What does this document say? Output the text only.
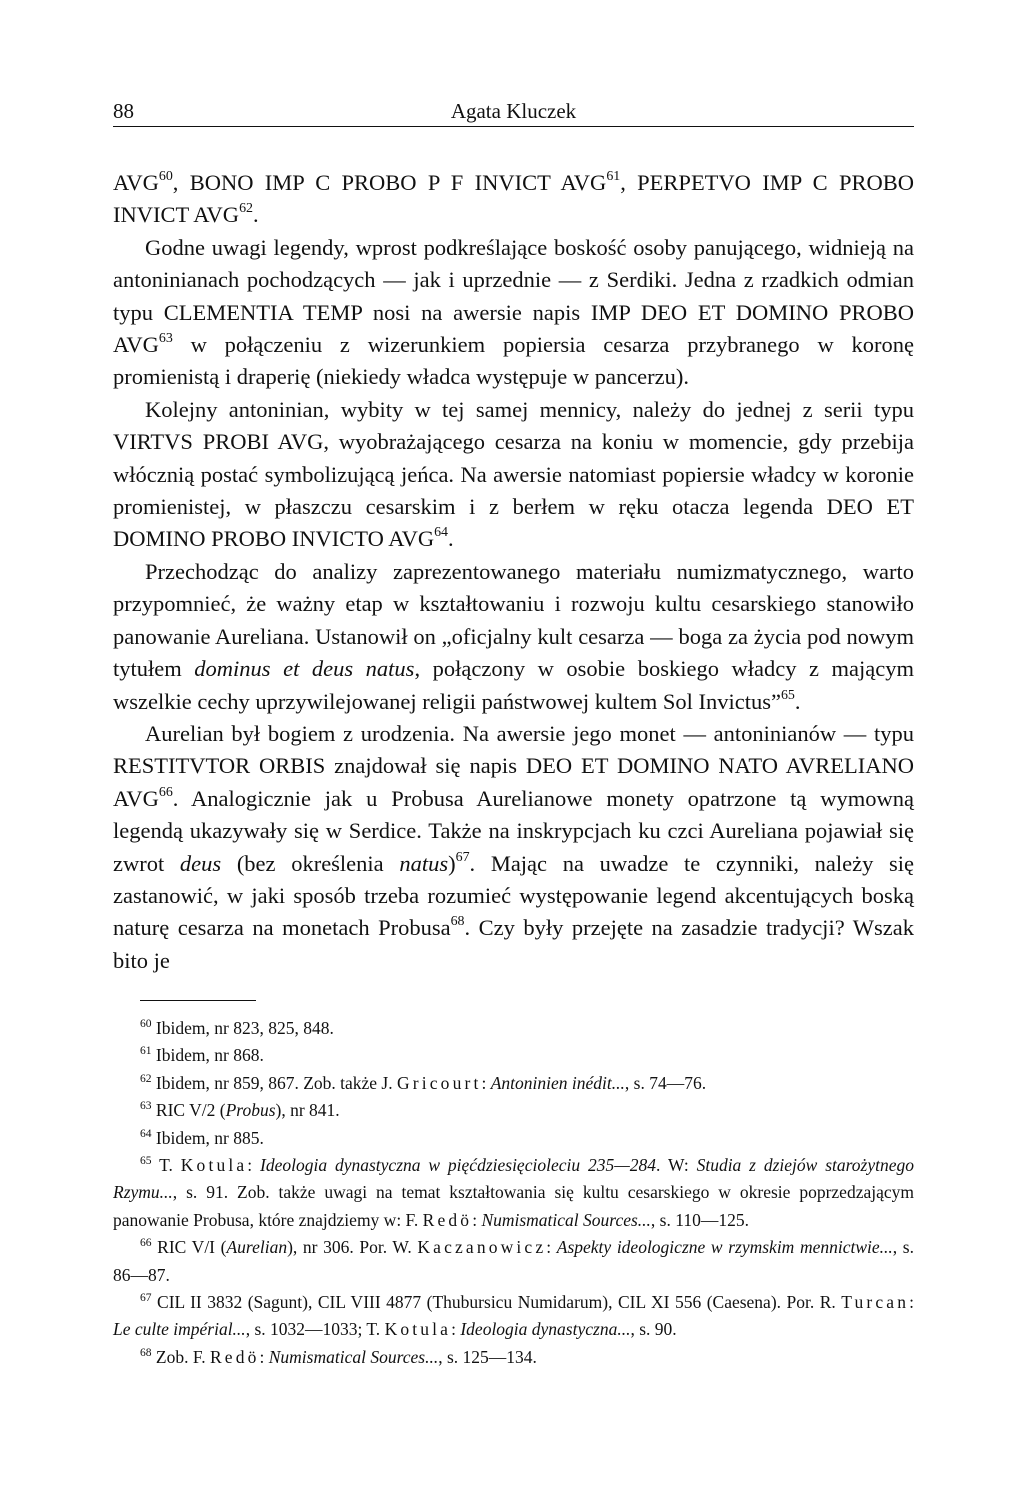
88	Agata Kluczek

AVG$^{60}$, BONO IMP C PROBO P F INVICT AVG$^{61}$, PERPETVO IMP C PROBO INVICT AVG$^{62}$.

Godne uwagi legendy, wprost podkreślające boskość osoby panującego, widnieją na antoninianach pochodzących — jak i uprzednie — z Serdiki. Jedna z rzadkich odmian typu CLEMENTIA TEMP nosi na awersie napis IMP DEO ET DOMINO PROBO AVG$^{63}$ w połączeniu z wizerunkiem popiersia cesarza przybranego w koronę promienistą i draperię (niekiedy władca występuje w pancerzu).

Kolejny antoninian, wybity w tej samej mennicy, należy do jednej z serii typu VIRTVS PROBI AVG, wyobrażającego cesarza na koniu w momencie, gdy przebija włócznią postać symbolizującą jeńca. Na awersie natomiast popiersie władcy w koronie promienistej, w płaszczu cesarskim i z berłem w ręku otacza legenda DEO ET DOMINO PROBO INVICTO AVG$^{64}$.

Przechodząc do analizy zaprezentowanego materiału numizmatycznego, warto przypomnieć, że ważny etap w kształtowaniu i rozwoju kultu cesarskiego stanowiło panowanie Aureliana. Ustanowił on „oficjalny kult cesarza — boga za życia pod nowym tytułem dominus et deus natus, połączony w osobie boskiego władcy z mającym wszelkie cechy uprzywilejowanej religii państwowej kultem Sol Invictus”$^{65}$.

Aurelian był bogiem z urodzenia. Na awersie jego monet — antoninianów — typu RESTITVTOR ORBIS znajdował się napis DEO ET DOMINO NATO AVRELIANO AVG$^{66}$. Analogicznie jak u Probusa Aurelianowe monety opatrzone tą wymowną legendą ukazywały się w Serdice. Także na inskrypcjach ku czci Aureliana pojawiał się zwrot deus (bez określenia natus)$^{67}$. Mając na uwadze te czynniki, należy się zastanowić, w jaki sposób trzeba rozumieć występowanie legend akcentujących boską naturę cesarza na monetach Probusa$^{68}$. Czy były przejęte na zasadzie tradycji? Wszak bito je

$^{60}$ Ibidem, nr 823, 825, 848.

$^{61}$ Ibidem, nr 868.

$^{62}$ Ibidem, nr 859, 867. Zob. także J. Gricourt: Antoninien inédit..., s. 74—76.

$^{63}$ RIC V/2 (Probus), nr 841.

$^{64}$ Ibidem, nr 885.

$^{65}$ T. Kotula: Ideologia dynastyczna w pięćdziesięcioleciu 235—284. W: Studia z dziejów starożytnego Rzymu..., s. 91. Zob. także uwagi na temat kształtowania się kultu cesarskiego w okresie poprzedzającym panowanie Probusa, które znajdziemy w: F. Redö: Numismatical Sources..., s. 110—125.

$^{66}$ RIC V/I (Aurelian), nr 306. Por. W. Kaczanowicz: Aspekty ideologiczne w rzymskim mennictwie..., s. 86—87.

$^{67}$ CIL II 3832 (Sagunt), CIL VIII 4877 (Thubursicu Numidarum), CIL XI 556 (Caesena). Por. R. Turcan: Le culte impérial..., s. 1032—1033; T. Kotula: Ideologia dynastyczna..., s. 90.

$^{68}$ Zob. F. Redö: Numismatical Sources..., s. 125—134.
